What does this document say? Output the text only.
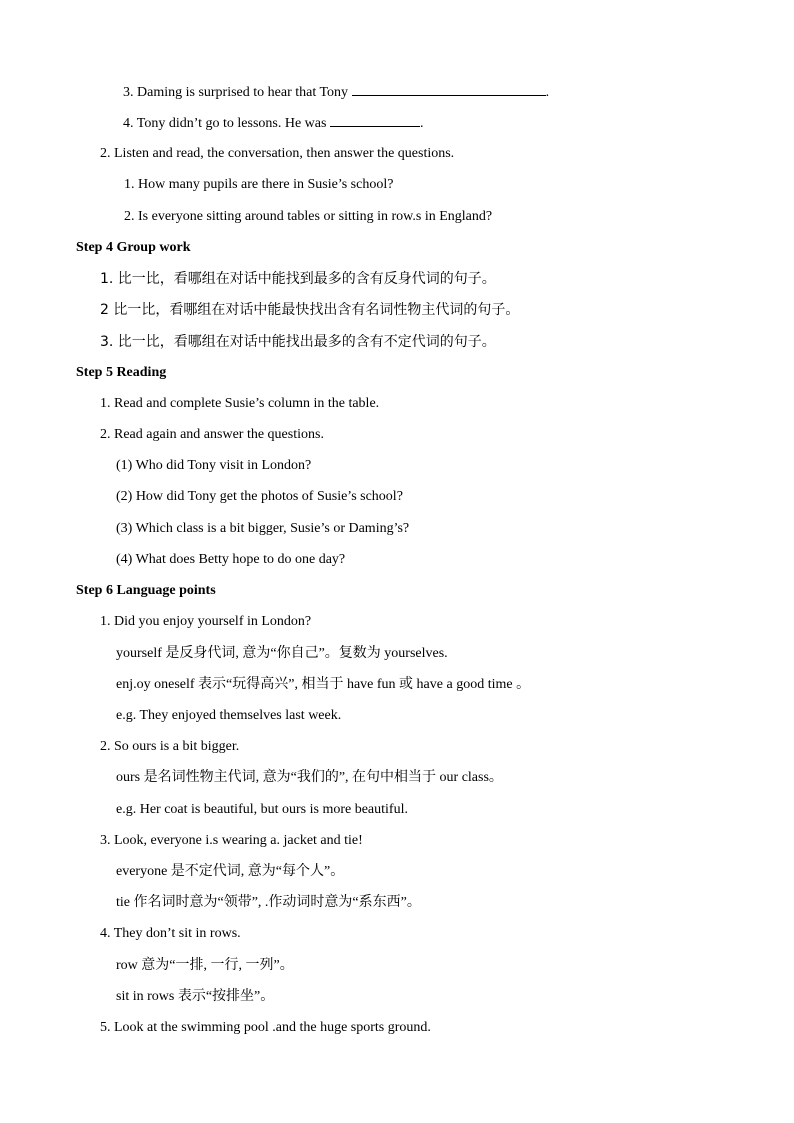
3. Daming is surprised to hear that Tony	.
4. Tony didn’t go to lessons. He was	.
2. Listen and read, the conversation, then answer the questions.
1. How many pupils are there in Susie’s school?
2. Is everyone sitting around tables or sitting in row.s in England?
Step 4 Group work
1. 比一比，看哪组在对话中能找到最多的含有反身代词的句子。
2 比一比，看哪组在对话中能最快找出含有名词性物主代词的句子。
3. 比一比，看哪组在对话中能找出最多的含有不定代词的句子。
Step 5 Reading
1. Read and complete Susie’s column in the table.
2. Read again and answer the questions.
(1) Who did Tony visit in London?
(2) How did Tony get the photos of Susie’s school?
(3) Which class is a bit bigger, Susie’s or Daming’s?
(4) What does Betty hope to do one day?
Step 6 Language points
1. Did you enjoy yourself in London?
yourself 是反身代词, 意为“你自己”。复数为 yourselves.
enj.oy oneself 表示“玩得高兴”, 相当于 have fun 或 have a good time 。
e.g. They enjoyed themselves last week.
2. So ours is a bit bigger.
ours 是名词性物主代词, 意为“我们的”, 在句中相当于 our class。
e.g. Her coat is beautiful, but ours is more beautiful.
3. Look, everyone i.s wearing a. jacket and tie!
everyone 是不定代词, 意为“每个人”。
tie 作名词时意为“领带”, .作动词时意为“系东西”。
4. They don’t sit in rows.
row 意为“一排, 一行, 一列”。
sit in rows 表示“按排坐”。
5. Look at the swimming pool .and the huge sports ground.
